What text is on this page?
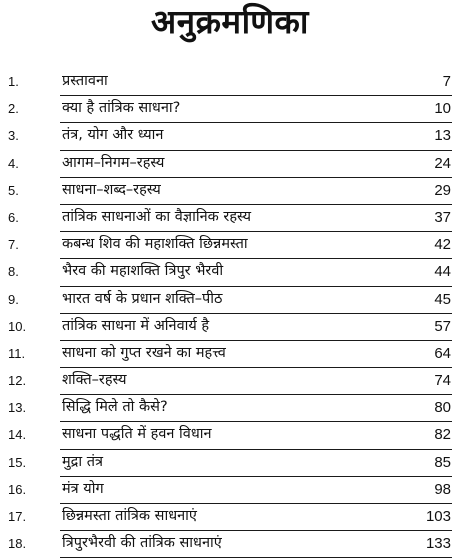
अनुक्रमणिका
1.	प्रस्तावना	7
2.	क्या है तांत्रिक साधना?	10
3.	तंत्र, योग और ध्यान	13
4.	आगम–निगम–रहस्य	24
5.	साधना–शब्द–रहस्य	29
6.	तांत्रिक साधनाओं का वैज्ञानिक रहस्य	37
7.	कबन्ध शिव की महाशक्ति छिन्नमस्ता	42
8.	भैरव की महाशक्ति त्रिपुर भैरवी	44
9.	भारत वर्ष के प्रधान शक्ति–पीठ	45
10. तांत्रिक साधना में अनिवार्य है	57
11.	साधना को गुप्त रखने का महत्त्व	64
12. शक्ति–रहस्य	74
13. सिद्धि मिले तो कैसे?	80
14. साधना पद्धति में हवन विधान	82
15. मुद्रा तंत्र	85
16. मंत्र योग	98
17. छिन्नमस्ता तांत्रिक साधनाएं	103
18. त्रिपुरभैरवी की तांत्रिक साधनाएं	133
